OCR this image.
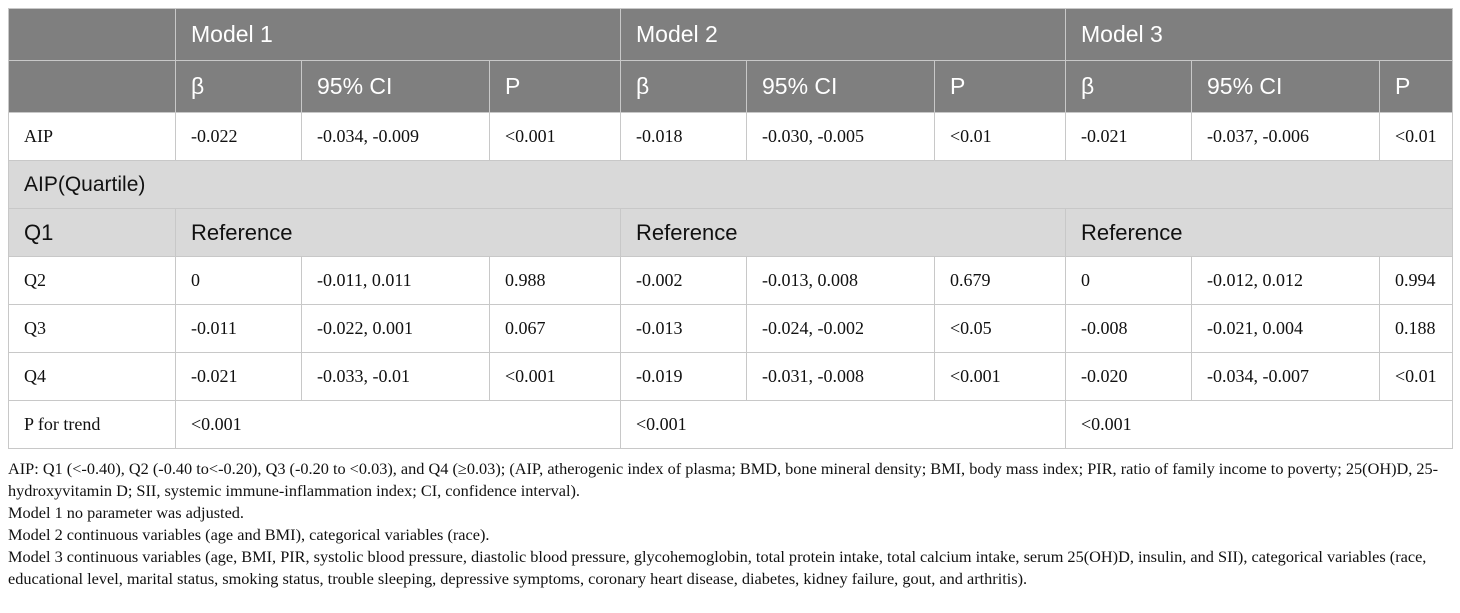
	Model 1			Model 2			Model 3		
	β	95% CI	P	β	95% CI	P	β	95% CI	P
AIP	-0.022	-0.034, -0.009	<0.001	-0.018	-0.030, -0.005	<0.01	-0.021	-0.037, -0.006	<0.01
AIP(Quartile)									
Q1	Reference			Reference			Reference		
Q2	0	-0.011, 0.011	0.988	-0.002	-0.013, 0.008	0.679	0	-0.012, 0.012	0.994
Q3	-0.011	-0.022, 0.001	0.067	-0.013	-0.024, -0.002	<0.05	-0.008	-0.021, 0.004	0.188
Q4	-0.021	-0.033, -0.01	<0.001	-0.019	-0.031, -0.008	<0.001	-0.020	-0.034, -0.007	<0.01
P for trend	<0.001			<0.001			<0.001		

AIP: Q1 (<-0.40), Q2 (-0.40 to<-0.20), Q3 (-0.20 to <0.03), and Q4 (≥0.03); (AIP, atherogenic index of plasma; BMD, bone mineral density; BMI, body mass index; PIR, ratio of family income to poverty; 25(OH)D, 25-hydroxyvitamin D; SII, systemic immune-inflammation index; CI, confidence interval).

Model 1 no parameter was adjusted.

Model 2 continuous variables (age and BMI), categorical variables (race).

Model 3 continuous variables (age, BMI, PIR, systolic blood pressure, diastolic blood pressure, glycohemoglobin, total protein intake, total calcium intake, serum 25(OH)D, insulin, and SII), categorical variables (race, educational level, marital status, smoking status, trouble sleeping, depressive symptoms, coronary heart disease, diabetes, kidney failure, gout, and arthritis).
